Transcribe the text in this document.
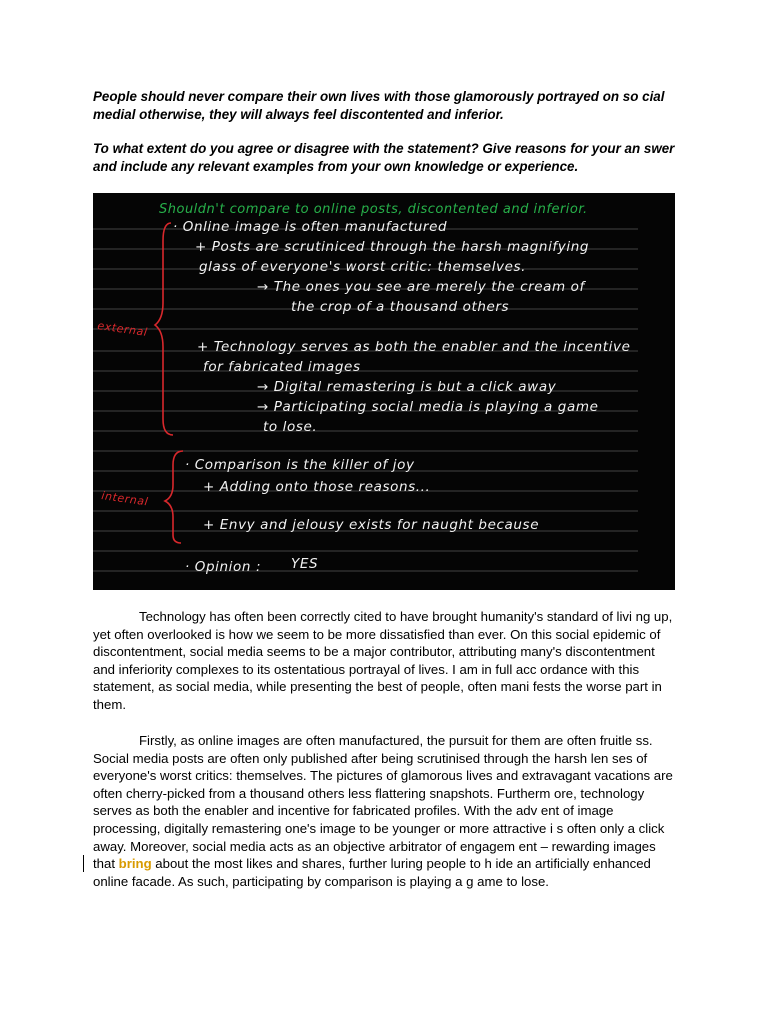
People should never compare their own lives with those glamorously portrayed on so cial medial otherwise, they will always feel discontented and inferior.

To what extent do you agree or disagree with the statement? Give reasons for your an swer and include any relevant examples from your own knowledge or experience.

Shouldn't compare to online posts, discontented and inferior.
external
internal
· Online image is often manufactured
+ Posts are scrutiniced through the harsh magnifying
glass of everyone's worst critic: themselves.
→ The ones you see are merely the cream of
the crop of a thousand others
+ Technology serves as both the enabler and the incentive
for fabricated images
→ Digital remastering is but a click away
→ Participating social media is playing a game
to lose.
· Comparison is the killer of joy
+ Adding onto those reasons...
+ Envy and jelousy exists for naught because
· Opinion : YES

Technology has often been correctly cited to have brought humanity's standard of livi ng up, yet often overlooked is how we seem to be more dissatisfied than ever. On this social epidemic of discontentment, social media seems to be a major contributor, attributing many's discontentment and inferiority complexes to its ostentatious portrayal of lives. I am in full acc ordance with this statement, as social media, while presenting the best of people, often mani fests the worse part in them.

Firstly, as online images are often manufactured, the pursuit for them are often fruitle ss. Social media posts are often only published after being scrutinised through the harsh len ses of everyone's worst critics: themselves. The pictures of glamorous lives and extravagant vacations are often cherry-picked from a thousand others less flattering snapshots. Furtherm ore, technology serves as both the enabler and incentive for fabricated profiles. With the adv ent of image processing, digitally remastering one's image to be younger or more attractive i s often only a click away. Moreover, social media acts as an objective arbitrator of engagem ent – rewarding images that bring about the most likes and shares, further luring people to h ide an artificially enhanced online facade. As such, participating by comparison is playing a g ame to lose.
